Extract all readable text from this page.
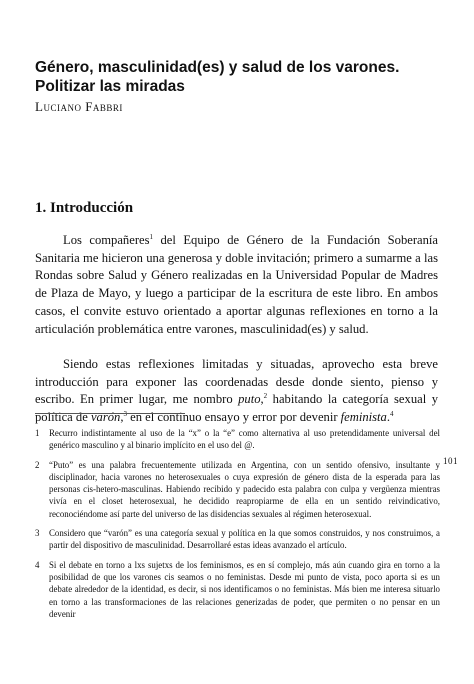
Género, masculinidad(es) y salud de los varones. Politizar las miradas
Luciano Fabbri
1. Introducción

Los compañeres$^1$ del Equipo de Género de la Fundación Soberanía Sanitaria me hicieron una generosa y doble invitación; primero a sumarme a las Rondas sobre Salud y Género realizadas en la Universidad Popular de Madres de Plaza de Mayo, y luego a participar de la escritura de este libro. En ambos casos, el convite estuvo orientado a aportar algunas reflexiones en torno a la articulación problemática entre varones, masculinidad(es) y salud.

Siendo estas reflexiones limitadas y situadas, aprovecho esta breve introducción para exponer las coordenadas desde donde siento, pienso y escribo. En primer lugar, me nombro puto,$^2$ habitando la categoría sexual y política de varón,$^3$ en el continuo ensayo y error por devenir feminista.$^4$

1	Recurro indistintamente al uso de la “x” o la “e” como alternativa al uso pretendidamente universal del genérico masculino y al binario implícito en el uso del @.
2	“Puto” es una palabra frecuentemente utilizada en Argentina, con un sentido ofensivo, insultante y disciplinador, hacia varones no heterosexuales o cuya expresión de género dista de la esperada para las personas cis-hetero-masculinas. Habiendo recibido y padecido esta palabra con culpa y vergüenza mientras vivía en el closet heterosexual, he decidido reapropiarme de ella en un sentido reivindicativo, reconociéndome así parte del universo de las disidencias sexuales al régimen heterosexual.
3	Considero que “varón” es una categoría sexual y política en la que somos construidos, y nos construimos, a partir del dispositivo de masculinidad. Desarrollaré estas ideas avanzado el artículo.
4	Si el debate en torno a lxs sujetxs de los feminismos, es en sí complejo, más aún cuando gira en torno a la posibilidad de que los varones cis seamos o no feministas. Desde mi punto de vista, poco aporta si es un debate alrededor de la identidad, es decir, si nos identificamos o no feministas. Más bien me interesa situarlo en torno a las transformaciones de las relaciones generizadas de poder, que permiten o no pensar en un devenir
101
